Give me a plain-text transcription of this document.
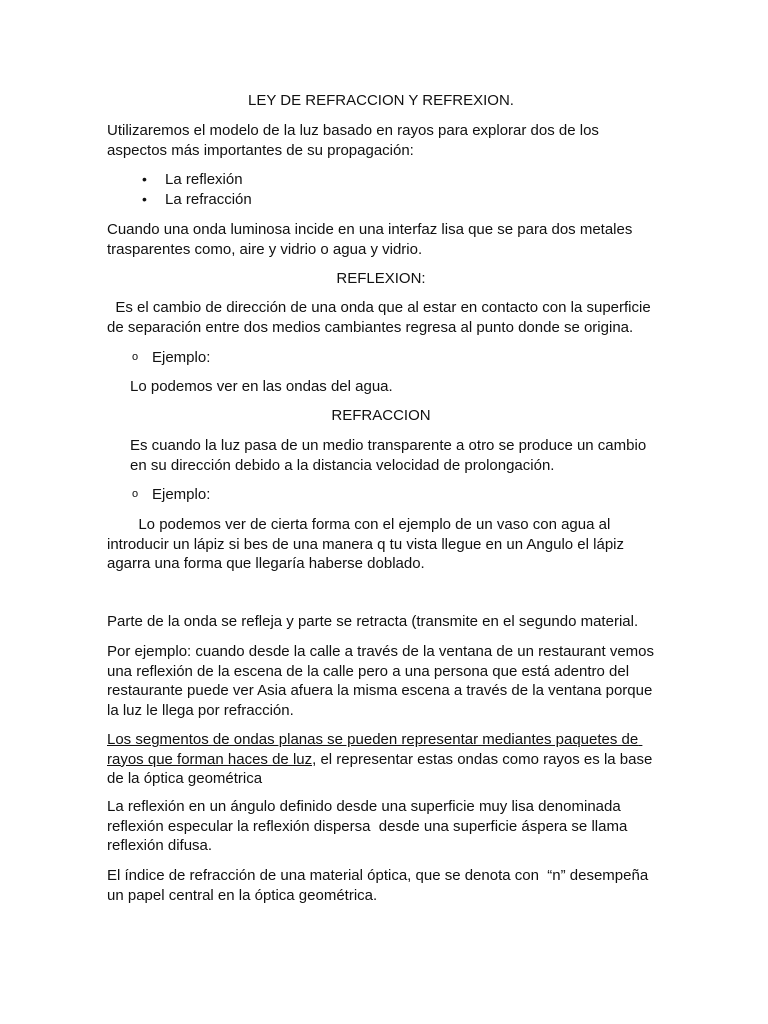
LEY DE REFRACCION Y REFREXION.

Utilizaremos el modelo de la luz basado en rayos para explorar dos de los aspectos más importantes de su propagación:

• La reflexión
• La refracción

Cuando una onda luminosa incide en una interfaz lisa que se para dos metales trasparentes como, aire y vidrio o agua y vidrio.

REFLEXION:

Es el cambio de dirección de una onda que al estar en contacto con la superficie de separación entre dos medios cambiantes regresa al punto donde se origina.

o Ejemplo:

Lo podemos ver en las ondas del agua.

REFRACCION

Es cuando la luz pasa de un medio transparente a otro se produce un cambio en su dirección debido a la distancia velocidad de prolongación.

o Ejemplo:

Lo podemos ver de cierta forma con el ejemplo de un vaso con agua al introducir un lápiz si bes de una manera q tu vista llegue en un Angulo el lápiz agarra una forma que llegaría haberse doblado.

Parte de la onda se refleja y parte se retracta (transmite en el segundo material.

Por ejemplo: cuando desde la calle a través de la ventana de un restaurant vemos una reflexión de la escena de la calle pero a una persona que está adentro del restaurante puede ver Asia afuera la misma escena a través de la ventana porque la luz le llega por refracción.

Los segmentos de ondas planas se pueden representar mediantes paquetes de rayos que forman haces de luz, el representar estas ondas como rayos es la base de la óptica geométrica

La reflexión en un ángulo definido desde una superficie muy lisa denominada reflexión especular la reflexión dispersa  desde una superficie áspera se llama reflexión difusa.

El índice de refracción de una material óptica, que se denota con  “n” desempeña un papel central en la óptica geométrica.
